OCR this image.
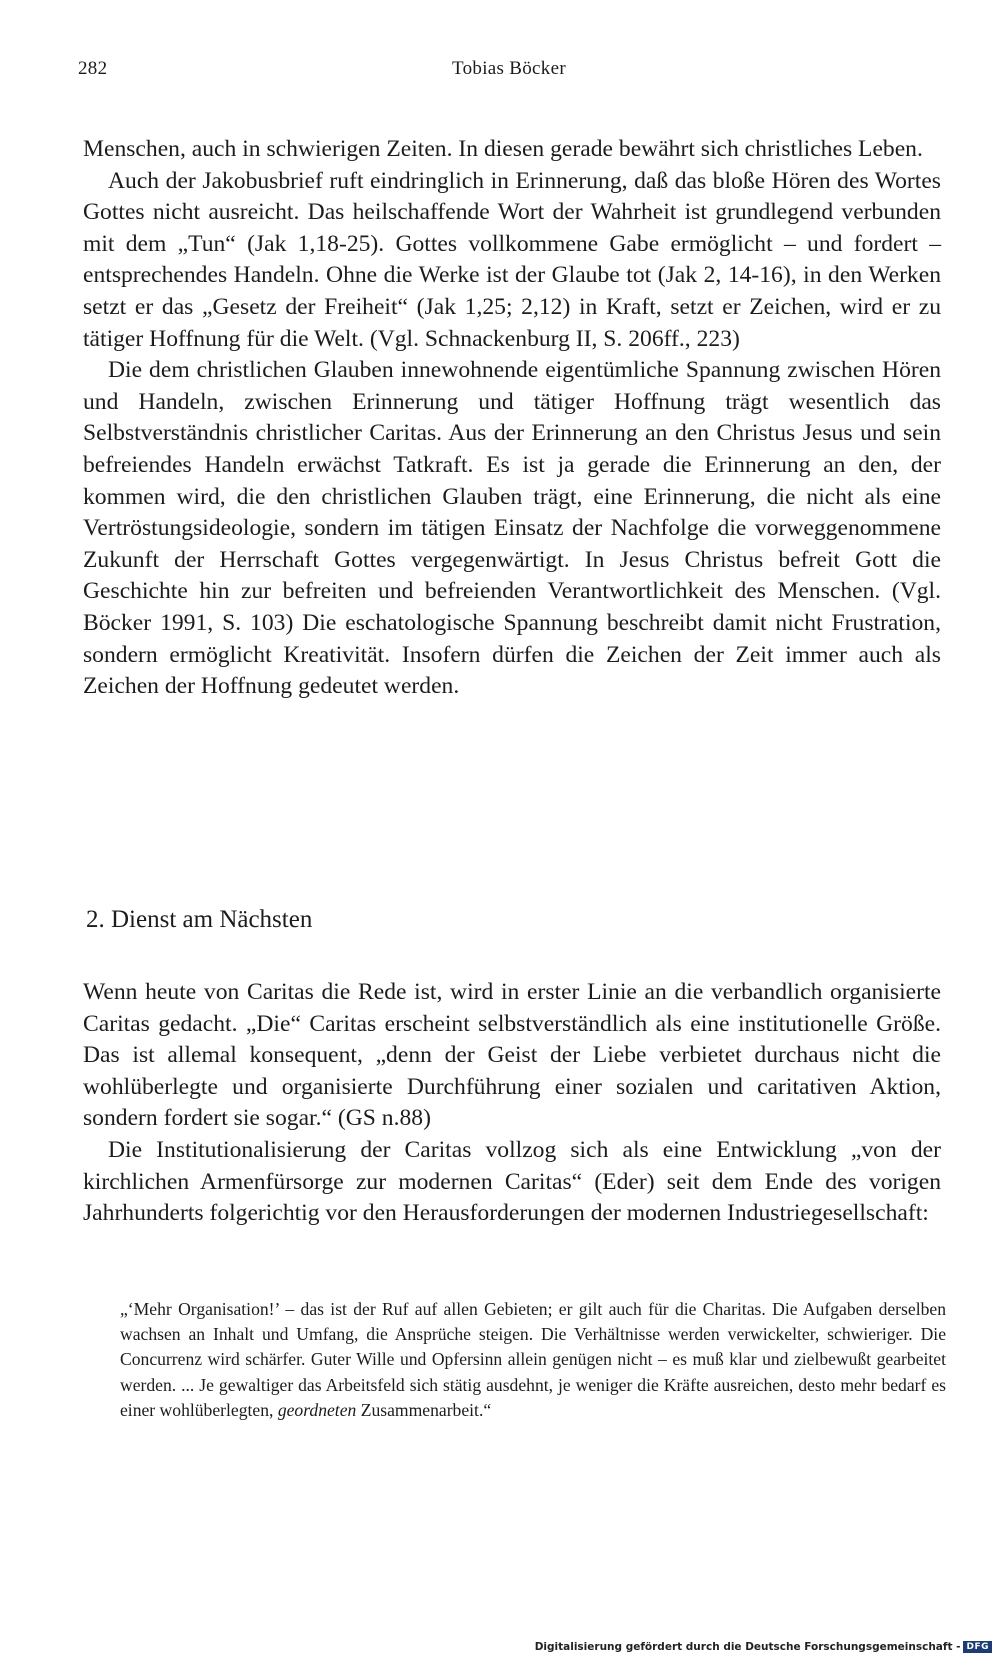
282	Tobias Böcker

Menschen, auch in schwierigen Zeiten. In diesen gerade bewährt sich christliches Leben.

Auch der Jakobusbrief ruft eindringlich in Erinnerung, daß das bloße Hören des Wortes Gottes nicht ausreicht. Das heilschaffende Wort der Wahrheit ist grundlegend verbunden mit dem „Tun“ (Jak 1,18-25). Gottes vollkommene Gabe ermöglicht – und fordert – entsprechendes Handeln. Ohne die Werke ist der Glaube tot (Jak 2, 14-16), in den Werken setzt er das „Gesetz der Freiheit“ (Jak 1,25; 2,12) in Kraft, setzt er Zeichen, wird er zu tätiger Hoffnung für die Welt. (Vgl. Schnackenburg II, S. 206ff., 223)

Die dem christlichen Glauben innewohnende eigentümliche Spannung zwischen Hören und Handeln, zwischen Erinnerung und tätiger Hoffnung trägt wesentlich das Selbstverständnis christlicher Caritas. Aus der Erinnerung an den Christus Jesus und sein befreiendes Handeln erwächst Tatkraft. Es ist ja gerade die Erinnerung an den, der kommen wird, die den christlichen Glauben trägt, eine Erinnerung, die nicht als eine Vertröstungsideologie, sondern im tätigen Einsatz der Nachfolge die vorweggenommene Zukunft der Herrschaft Gottes vergegenwärtigt. In Jesus Christus befreit Gott die Geschichte hin zur befreiten und befreienden Verantwortlichkeit des Menschen. (Vgl. Böcker 1991, S. 103) Die eschatologische Spannung beschreibt damit nicht Frustration, sondern ermöglicht Kreativität. Insofern dürfen die Zeichen der Zeit immer auch als Zeichen der Hoffnung gedeutet werden.

2. Dienst am Nächsten

Wenn heute von Caritas die Rede ist, wird in erster Linie an die verbandlich organisierte Caritas gedacht. „Die“ Caritas erscheint selbstverständlich als eine institutionelle Größe. Das ist allemal konsequent, „denn der Geist der Liebe verbietet durchaus nicht die wohlüberlegte und organisierte Durchführung einer sozialen und caritativen Aktion, sondern fordert sie sogar.“ (GS n.88)

Die Institutionalisierung der Caritas vollzog sich als eine Entwicklung „von der kirchlichen Armenfürsorge zur modernen Caritas“ (Eder) seit dem Ende des vorigen Jahrhunderts folgerichtig vor den Herausforderungen der modernen Industriegesellschaft:

„‘Mehr Organisation!’ – das ist der Ruf auf allen Gebieten; er gilt auch für die Charitas. Die Aufgaben derselben wachsen an Inhalt und Umfang, die Ansprüche steigen. Die Verhältnisse werden verwickelter, schwieriger. Die Concurrenz wird schärfer. Guter Wille und Opfersinn allein genügen nicht – es muß klar und zielbewußt gearbeitet werden. ... Je gewaltiger das Arbeitsfeld sich stätig ausdehnt, je weniger die Kräfte ausreichen, desto mehr bedarf es einer wohlüberlegten, geordneten Zusammenarbeit.“

Digitalisierung gefördert durch die Deutsche Forschungsgemeinschaft - DFG
